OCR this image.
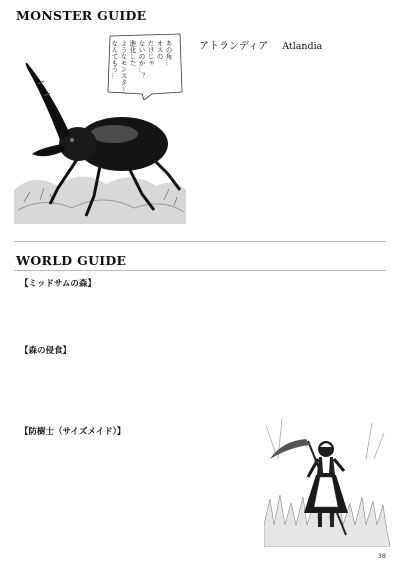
MONSTER GUIDE
あの角…
オスの
だけじゃ
ないのか…？
進化した
ようなモンスター
なんてもう…	アトランディア Atlandia
WORLD GUIDE
【ミッドサムの森】
【森の侵食】
【防樹士（サイズメイド）】
38
